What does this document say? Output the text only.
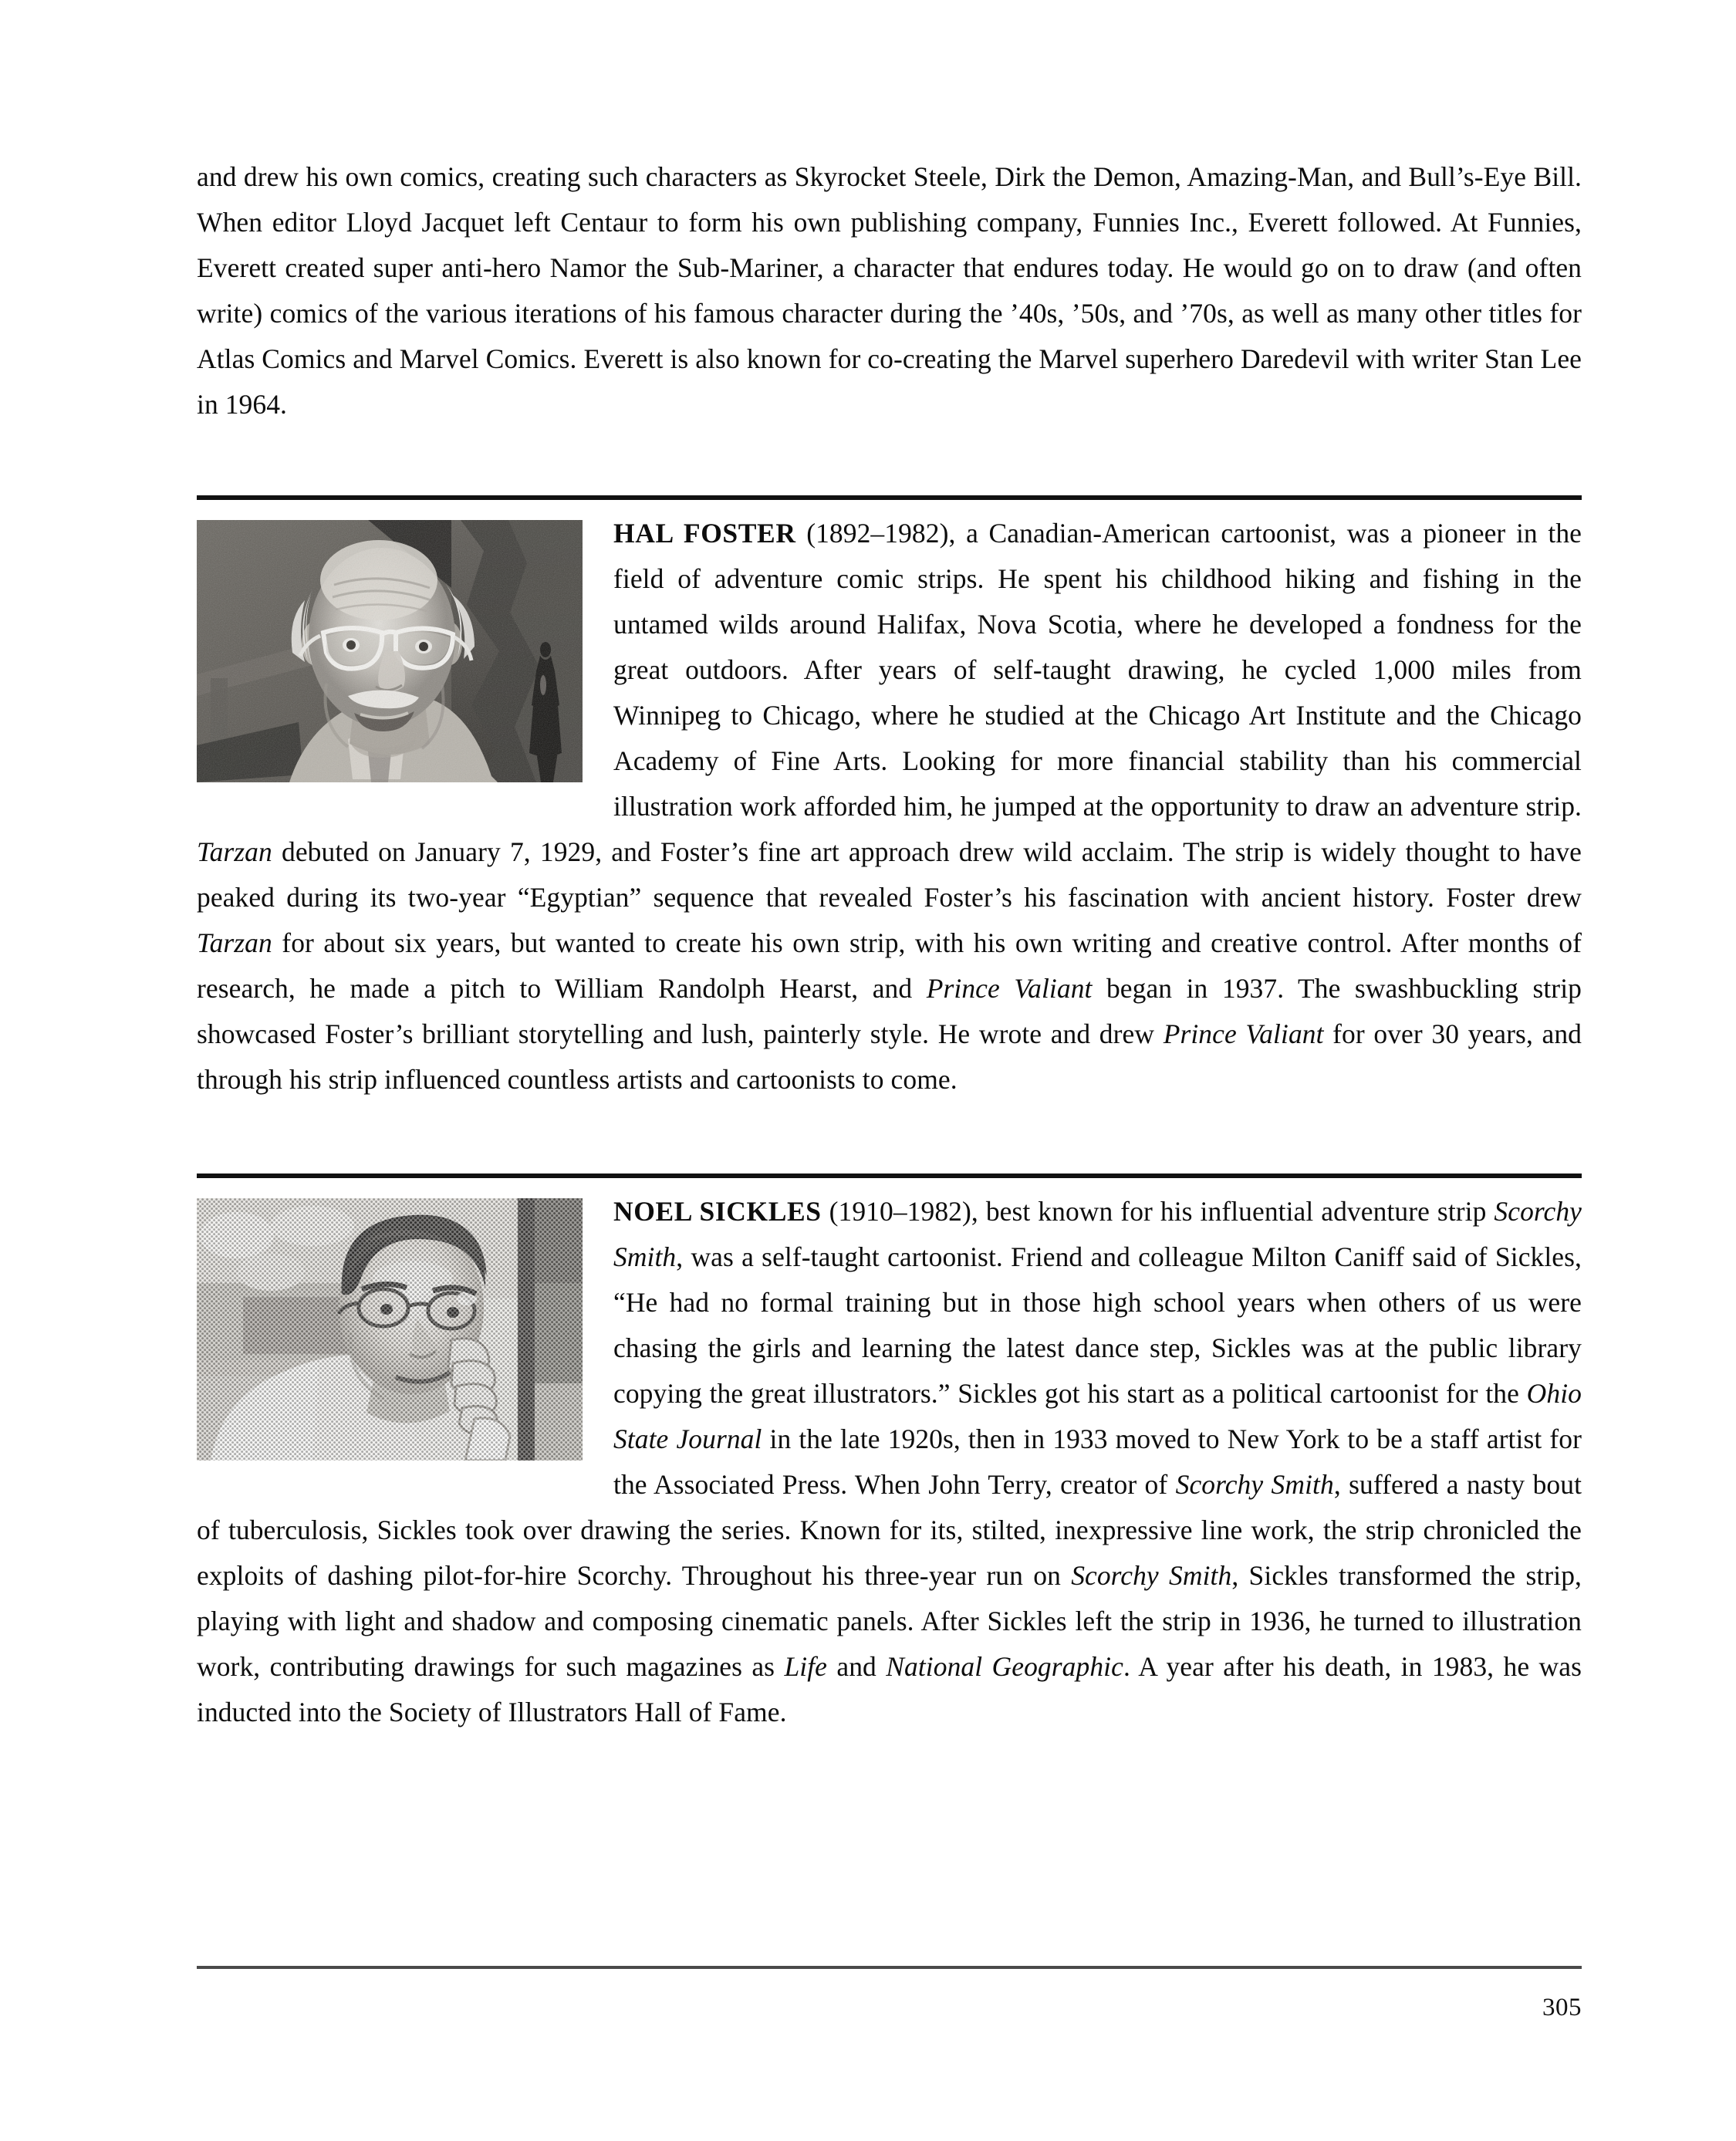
and drew his own comics, creating such characters as Skyrocket Steele, Dirk the Demon, Amazing-Man, and Bull’s-Eye Bill. When editor Lloyd Jacquet left Centaur to form his own publishing company, Funnies Inc., Everett followed. At Funnies, Everett created super anti-hero Namor the Sub-Mariner, a character that endures today. He would go on to draw (and often write) comics of the various iterations of his famous character during the ’40s, ’50s, and ’70s, as well as many other titles for Atlas Comics and Marvel Comics. Everett is also known for co-creating the Marvel superhero Daredevil with writer Stan Lee in 1964.

HAL FOSTER (1892–1982), a Canadian-American cartoonist, was a pioneer in the field of adventure comic strips. He spent his childhood hiking and fishing in the untamed wilds around Halifax, Nova Scotia, where he developed a fondness for the great outdoors. After years of self-taught drawing, he cycled 1,000 miles from Winnipeg to Chicago, where he studied at the Chicago Art Institute and the Chicago Academy of Fine Arts. Looking for more financial stability than his commercial illustration work afforded him, he jumped at the opportunity to draw an adventure strip. Tarzan debuted on January 7, 1929, and Foster’s fine art approach drew wild acclaim. The strip is widely thought to have peaked during its two-year “Egyptian” sequence that revealed Foster’s his fascination with ancient history. Foster drew Tarzan for about six years, but wanted to create his own strip, with his own writing and creative control. After months of research, he made a pitch to William Randolph Hearst, and Prince Valiant began in 1937. The swashbuckling strip showcased Foster’s brilliant storytelling and lush, painterly style. He wrote and drew Prince Valiant for over 30 years, and through his strip influenced countless artists and cartoonists to come.

NOEL SICKLES (1910–1982), best known for his influential adventure strip Scorchy Smith, was a self-taught cartoonist. Friend and colleague Milton Caniff said of Sickles, “He had no formal training but in those high school years when others of us were chasing the girls and learning the latest dance step, Sickles was at the public library copying the great illustrators.” Sickles got his start as a political cartoonist for the Ohio State Journal in the late 1920s, then in 1933 moved to New York to be a staff artist for the Associated Press. When John Terry, creator of Scorchy Smith, suffered a nasty bout of tuberculosis, Sickles took over drawing the series. Known for its, stilted, inexpressive line work, the strip chronicled the exploits of dashing pilot-for-hire Scorchy. Throughout his three-year run on Scorchy Smith, Sickles transformed the strip, playing with light and shadow and composing cinematic panels. After Sickles left the strip in 1936, he turned to illustration work, contributing drawings for such magazines as Life and National Geographic. A year after his death, in 1983, he was inducted into the Society of Illustrators Hall of Fame.

305
